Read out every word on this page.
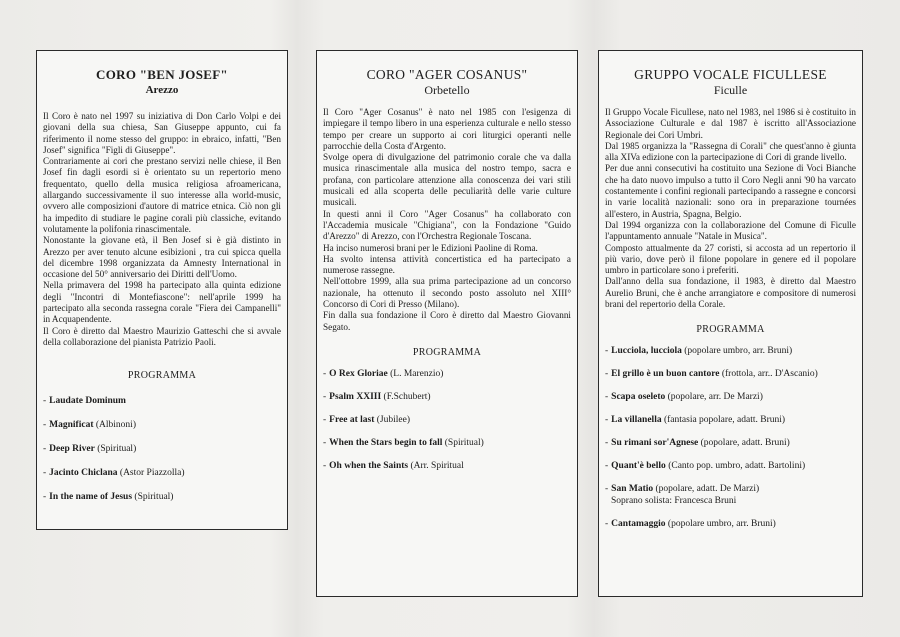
CORO "BEN JOSEF"
Arezzo

Il Coro è nato nel 1997 su iniziativa di Don Carlo Volpi e dei giovani della sua chiesa, San Giuseppe appunto, cui fa riferimento il nome stesso del gruppo: in ebraico, infatti, "Ben Josef" significa "Figli di Giuseppe".

Contrariamente ai cori che prestano servizi nelle chiese, il Ben Josef fin dagli esordi si è orientato su un repertorio meno frequentato, quello della musica religiosa afroamericana, allargando successivamente il suo interesse alla world-music, ovvero alle composizioni d'autore di matrice etnica. Ciò non gli ha impedito di studiare le pagine corali più classiche, evitando volutamente la polifonia rinascimentale.

Nonostante la giovane età, il Ben Josef si è già distinto in Arezzo per aver tenuto alcune esibizioni , tra cui spicca quella del dicembre 1998 organizzata da Amnesty International in occasione del 50° anniversario dei Diritti dell'Uomo.

Nella primavera del 1998 ha partecipato alla quinta edizione degli "Incontri di Montefiascone": nell'aprile 1999 ha partecipato alla seconda rassegna corale "Fiera dei Campanelli" in Acquapendente.

Il Coro è diretto dal Maestro Maurizio Gatteschi che si avvale della collaborazione del pianista Patrizio Paoli.

PROGRAMMA
- Laudate Dominum
- Magnificat (Albinoni)
- Deep River (Spiritual)
- Jacinto Chiclana (Astor Piazzolla)
- In the name of Jesus (Spiritual)
CORO "AGER COSANUS"
Orbetello

Il Coro "Ager Cosanus" è nato nel 1985 con l'esigenza di impiegare il tempo libero in una esperienza culturale e nello stesso tempo per creare un supporto ai cori liturgici operanti nelle parrocchie della Costa d'Argento.

Svolge opera di divulgazione del patrimonio corale che va dalla musica rinascimentale alla musica del nostro tempo, sacra e profana, con particolare attenzione alla conoscenza dei vari stili musicali ed alla scoperta delle peculiarità delle varie culture musicali.

In questi anni il Coro "Ager Cosanus" ha collaborato con l'Accademia musicale "Chigiana", con la Fondazione "Guido d'Arezzo" di Arezzo, con l'Orchestra Regionale Toscana.

Ha inciso numerosi brani per le Edizioni Paoline di Roma.

Ha svolto intensa attività concertistica ed ha partecipato a numerose rassegne.

Nell'ottobre 1999, alla sua prima partecipazione ad un concorso nazionale, ha ottenuto il secondo posto assoluto nel XIII° Concorso di Cori di Presso (Milano).

Fin dalla sua fondazione il Coro è diretto dal Maestro Giovanni Segato.

PROGRAMMA
- O Rex Gloriae (L. Marenzio)
- Psalm XXIII (F.Schubert)
- Free at last (Jubilee)
- When the Stars begin to fall (Spiritual)
- Oh when the Saints (Arr. Spiritual
GRUPPO VOCALE FICULLESE
Ficulle

Il Gruppo Vocale Ficullese, nato nel 1983, nel 1986 si è costituito in Associazione Culturale e dal 1987 è iscritto all'Associazione Regionale dei Cori Umbri.

Dal 1985 organizza la "Rassegna di Corali" che quest'anno è giunta alla XIVa edizione con la partecipazione di Cori di grande livello.

Per due anni consecutivi ha costituito una Sezione di Voci Bianche che ha dato nuovo impulso a tutto il Coro Negli anni '90 ha varcato costantemente i confini regionali partecipando a rassegne e concorsi in varie località nazionali: sono ora in preparazione tournées all'estero, in Austria, Spagna, Belgio.

Dal 1994 organizza con la collaborazione del Comune di Ficulle l'appuntamento annuale "Natale in Musica".

Composto attualmente da 27 coristi, si accosta ad un repertorio il più vario, dove però il filone popolare in genere ed il popolare umbro in particolare sono i preferiti.

Dall'anno della sua fondazione, il 1983, è diretto dal Maestro Aurelio Bruni, che è anche arrangiatore e compositore di numerosi brani del repertorio della Corale.

PROGRAMMA
- Lucciola, lucciola (popolare umbro, arr. Bruni)
- El grillo è un buon cantore (frottola, arr.. D'Ascanio)
- Scapa oseleto (popolare, arr. De Marzi)
- La villanella (fantasia popolare, adatt. Bruni)
- Su rimani sor'Agnese (popolare, adatt. Bruni)
- Quant'è bello (Canto pop. umbro, adatt. Bartolini)
- San Matio (popolare, adatt. De Marzi)
Soprano solista: Francesca Bruni
- Cantamaggio (popolare umbro, arr. Bruni)
